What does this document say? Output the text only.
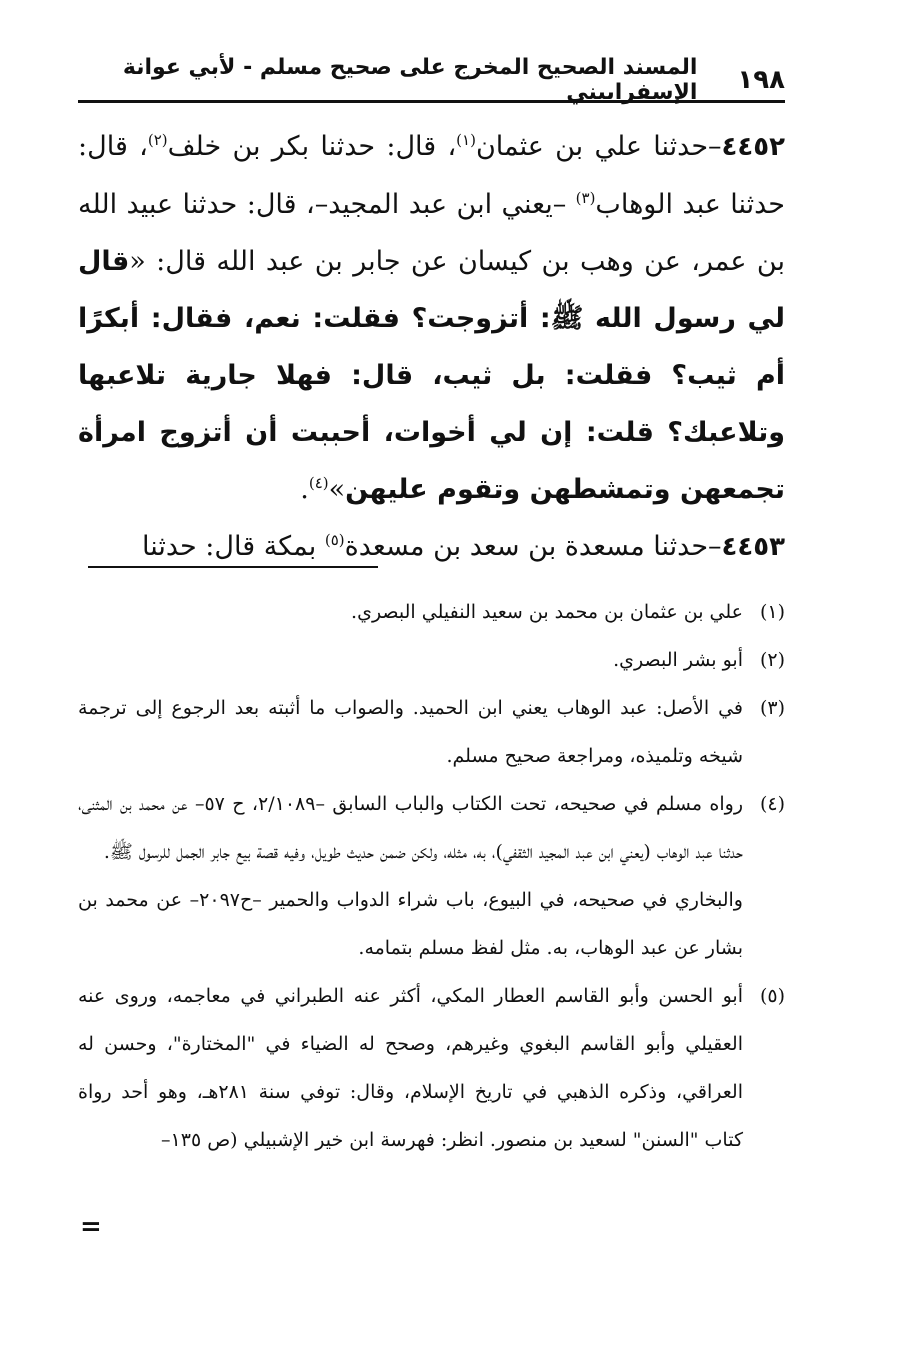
١٩٨
المسند الصحيح المخرج على صحيح مسلم - لأبي عوانة الإسفراييني

٤٤٥٢–حدثنا علي بن عثمان$^{(١)}$، قال: حدثنا بكر بن خلف$^{(٢)}$، قال: حدثنا عبد الوهاب$^{(٣)}$ –يعني ابن عبد المجيد–، قال: حدثنا عبيد الله بن عمر، عن وهب بن كيسان عن جابر بن عبد الله قال: «قال لي رسول الله ﷺ: أتزوجت؟ فقلت: نعم، فقال: أبكرًا أم ثيب؟ فقلت: بل ثيب، قال: فهلا جارية تلاعبها وتلاعبك؟ قلت: إن لي أخوات، أحببت أن أتزوج امرأة تجمعهن وتمشطهن وتقوم عليهن»$^{(٤)}$.

٤٤٥٣–حدثنا مسعدة بن سعد بن مسعدة$^{(٥)}$ بمكة قال: حدثنا

(١)
علي بن عثمان بن محمد بن سعيد النفيلي البصري.

(٢)
أبو بشر البصري.

(٣)
في الأصل: عبد الوهاب يعني ابن الحميد. والصواب ما أثبته بعد الرجوع إلى ترجمة شيخه وتلميذه، ومراجعة صحيح مسلم.

(٤)
رواه مسلم في صحيحه، تحت الكتاب والباب السابق –٢/١٠٨٩، ح ٥٧– عن محمد بن المثنى، حدثنا عبد الوهاب (يعني ابن عبد المجيد الثقفي)، به، مثله، ولكن ضمن حديث طويل، وفيه قصة بيع جابر الجمل للرسول ﷺ.

والبخاري في صحيحه، في البيوع، باب شراء الدواب والحمير –ح٢٠٩٧– عن محمد بن بشار عن عبد الوهاب، به. مثل لفظ مسلم بتمامه.

(٥)
أبو الحسن وأبو القاسم العطار المكي، أكثر عنه الطبراني في معاجمه، وروى عنه العقيلي وأبو القاسم البغوي وغيرهم، وصحح له الضياء في "المختارة"، وحسن له العراقي، وذكره الذهبي في تاريخ الإسلام، وقال: توفي سنة ٢٨١هـ، وهو أحد رواة كتاب "السنن" لسعيد بن منصور. انظر: فهرسة ابن خير الإشبيلي (ص ١٣٥–

=
